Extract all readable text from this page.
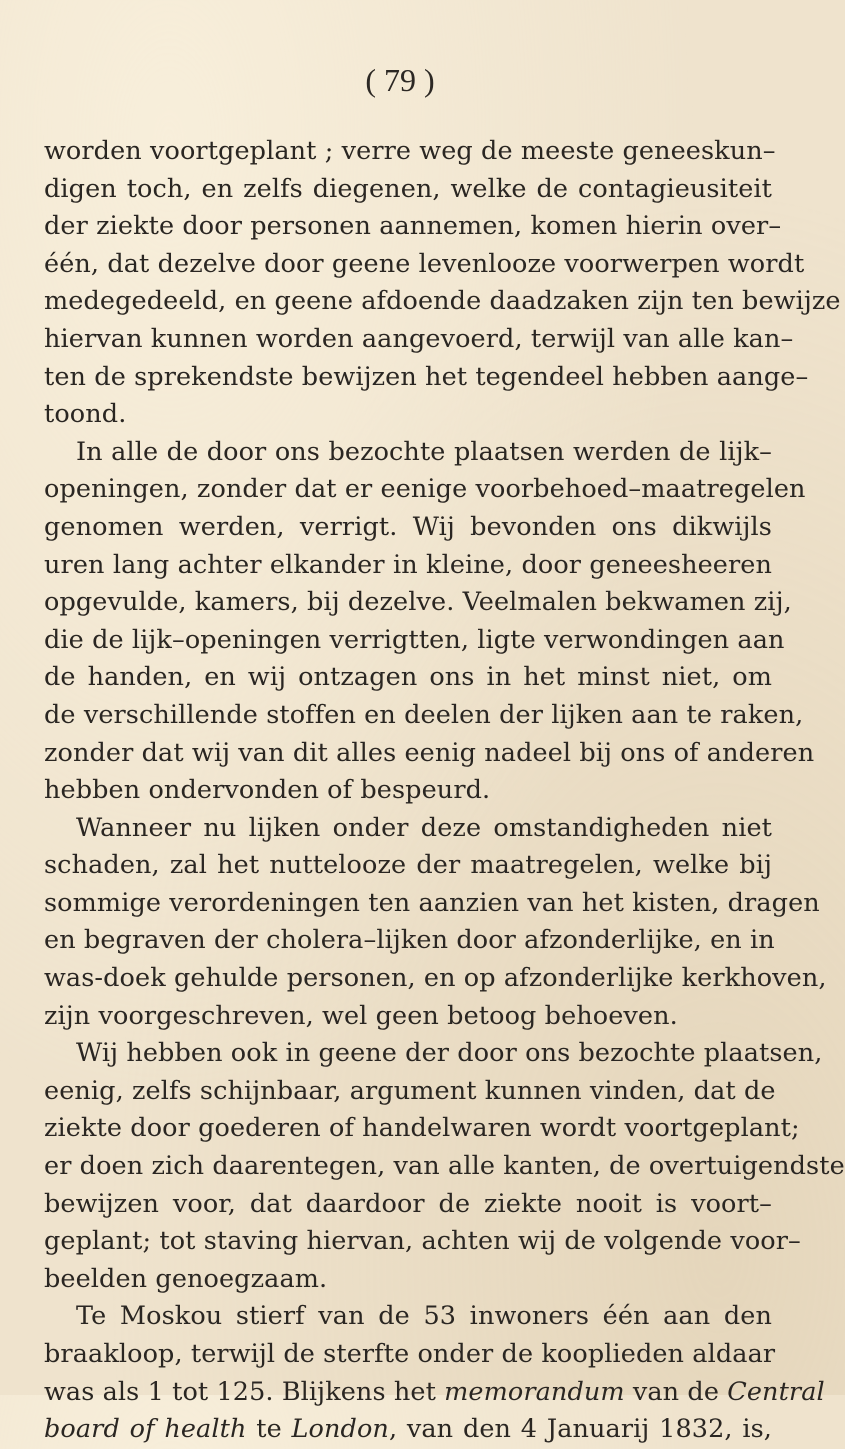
( 79 )
worden voortgeplant ; verre weg de meeste geneeskun–
digen toch, en zelfs diegenen, welke de contagieusiteit
der ziekte door personen aannemen, komen hierin over–
één, dat dezelve door geene levenlooze voorwerpen wordt
medegedeeld, en geene afdoende daadzaken zijn ten bewijze
hiervan kunnen worden aangevoerd, terwijl van alle kan–
ten de sprekendste bewijzen het tegendeel hebben aange–
toond.
In alle de door ons bezochte plaatsen werden de lijk–
openingen, zonder dat er eenige voorbehoed–maatregelen
genomen werden, verrigt. Wij bevonden ons dikwijls
uren lang achter elkander in kleine, door geneesheeren
opgevulde, kamers, bij dezelve. Veelmalen bekwamen zij,
die de lijk–openingen verrigtten, ligte verwondingen aan
de handen, en wij ontzagen ons in het minst niet, om
de verschillende stoffen en deelen der lijken aan te raken,
zonder dat wij van dit alles eenig nadeel bij ons of anderen
hebben ondervonden of bespeurd.
Wanneer nu lijken onder deze omstandigheden niet
schaden, zal het nuttelooze der maatregelen, welke bij
sommige verordeningen ten aanzien van het kisten, dragen
en begraven der cholera–lijken door afzonderlijke, en in
was-doek gehulde personen, en op afzonderlijke kerkhoven,
zijn voorgeschreven, wel geen betoog behoeven.
Wij hebben ook in geene der door ons bezochte plaatsen,
eenig, zelfs schijnbaar, argument kunnen vinden, dat de
ziekte door goederen of handelwaren wordt voortgeplant;
er doen zich daarentegen, van alle kanten, de overtuigendste
bewijzen voor, dat daardoor de ziekte nooit is voort–
geplant; tot staving hiervan, achten wij de volgende voor–
beelden genoegzaam.
Te Moskou stierf van de 53 inwoners één aan den
braakloop, terwijl de sterfte onder de kooplieden aldaar
was als 1 tot 125. Blijkens het memorandum van de Central
board of health te London, van den 4 Januarij 1832, is,
